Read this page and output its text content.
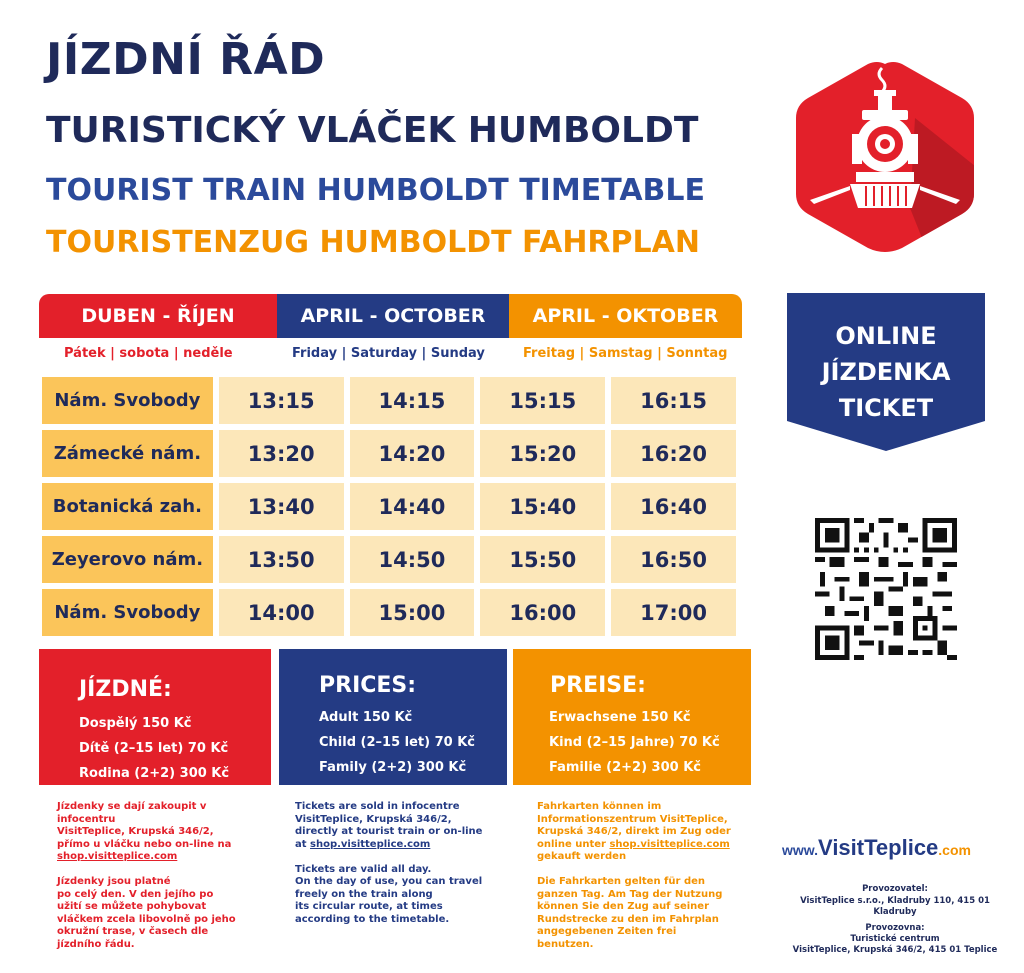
JÍZDNÍ ŘÁD
TURISTICKÝ VLÁČEK HUMBOLDT
TOURIST TRAIN HUMBOLDT TIMETABLE
TOURISTENZUG HUMBOLDT FAHRPLAN
DUBEN - ŘÍJEN	APRIL - OCTOBER	APRIL - OKTOBER
Pátek | sobota | neděle	Friday | Saturday | Sunday	Freitag | Samstag | Sonntag
Nám. Svobody	13:15	14:15	15:15	16:15
Zámecké nám.	13:20	14:20	15:20	16:20
Botanická zah.	13:40	14:40	15:40	16:40
Zeyerovo nám.	13:50	14:50	15:50	16:50
Nám. Svobody	14:00	15:00	16:00	17:00
JÍZDNÉ:
Dospělý 150 Kč
Dítě (2–15 let) 70 Kč
Rodina (2+2) 300 Kč
PRICES:
Adult 150 Kč
Child (2–15 let) 70 Kč
Family (2+2) 300 Kč
PREISE:
Erwachsene 150 Kč
Kind (2–15 Jahre) 70 Kč
Familie (2+2) 300 Kč

Jízdenky se dají zakoupit v infocentru
VisitTeplice, Krupská 346/2,
přímo u vláčku nebo on-line na
shop.visitteplice.com

Jízdenky jsou platné
po celý den. V den jejího po
užití se můžete pohybovat
vláčkem zcela libovolně po jeho
okružní trase, v časech dle
jízdního řádu.

Tickets are sold in infocentre
VisitTeplice, Krupská 346/2,
directly at tourist train or on-line
at shop.visitteplice.com

Tickets are valid all day.
On the day of use, you can travel
freely on the train along
its circular route, at times
according to the timetable.

Fahrkarten können im
Informationszentrum VisitTeplice,
Krupská 346/2, direkt im Zug oder
online unter shop.visitteplice.com
gekauft werden

Die Fahrkarten gelten für den
ganzen Tag. Am Tag der Nutzung
können Sie den Zug auf seiner
Rundstrecke zu den im Fahrplan
angegebenen Zeiten frei
benutzen.

ONLINE
JÍZDENKA
TICKET
www.VisitTeplice.com
Provozovatel:
VisitTeplice s.r.o., Kladruby 110, 415 01 Kladruby
Provozovna:
Turistické centrum
VisitTeplice, Krupská 346/2, 415 01 Teplice
